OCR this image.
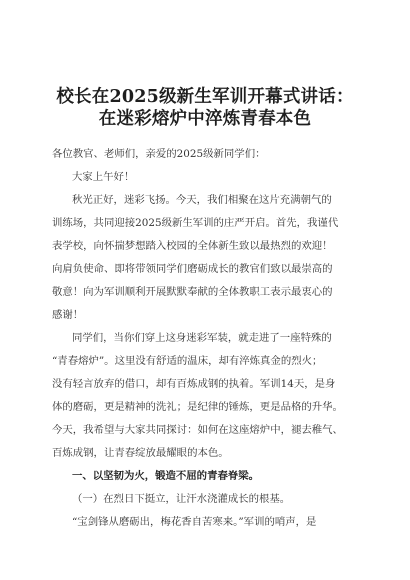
校长在2025级新生军训开幕式讲话：
在迷彩熔炉中淬炼青春本色
各位教官、老师们，亲爱的2025级新同学们：
大家上午好！
秋光正好，迷彩飞扬。今天，我们相聚在这片充满朝气的
训练场，共同迎接2025级新生军训的庄严开启。首先，我谨代
表学校，向怀揣梦想踏入校园的全体新生致以最热烈的欢迎！
向肩负使命、即将带领同学们磨砺成长的教官们致以最崇高的
敬意！向为军训顺利开展默默奉献的全体教职工表示最衷心的
感谢！
同学们，当你们穿上这身迷彩军装，就走进了一座特殊的
“青春熔炉”。这里没有舒适的温床，却有淬炼真金的烈火；
没有轻言放弃的借口，却有百炼成钢的执着。军训14天，是身
体的磨砺，更是精神的洗礼；是纪律的锤炼，更是品格的升华。
今天，我希望与大家共同探讨：如何在这座熔炉中，褪去稚气、
百炼成钢，让青春绽放最耀眼的本色。
一、以坚韧为火，锻造不屈的青春脊梁。
（一）在烈日下挺立，让汗水浇灌成长的根基。
“宝剑锋从磨砺出，梅花香自苦寒来。”军训的哨声，是
